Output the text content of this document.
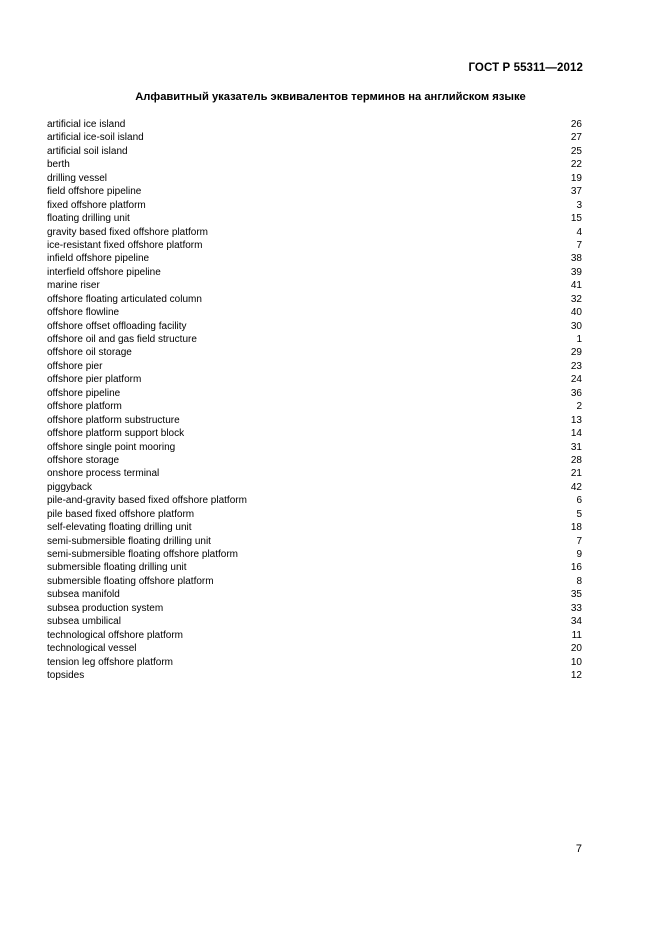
ГОСТ Р 55311—2012
Алфавитный указатель эквивалентов терминов на английском языке
artificial ice island	26
artificial ice-soil island	27
artificial soil island	25
berth	22
drilling vessel	19
field offshore pipeline	37
fixed offshore platform	3
floating drilling unit	15
gravity based fixed offshore platform	4
ice-resistant fixed offshore platform	7
infield offshore pipeline	38
interfield offshore pipeline	39
marine riser	41
offshore floating articulated column	32
offshore flowline	40
offshore offset offloading facility	30
offshore oil and gas field structure	1
offshore oil storage	29
offshore pier	23
offshore pier platform	24
offshore pipeline	36
offshore platform	2
offshore platform substructure	13
offshore platform support block	14
offshore single point mooring	31
offshore storage	28
onshore process terminal	21
piggyback	42
pile-and-gravity based fixed offshore platform	6
pile based fixed offshore platform	5
self-elevating floating drilling unit	18
semi-submersible floating drilling unit	7
semi-submersible floating offshore platform	9
submersible floating drilling unit	16
submersible floating offshore platform	8
subsea manifold	35
subsea production system	33
subsea umbilical	34
technological offshore platform	11
technological vessel	20
tension leg offshore platform	10
topsides	12
7
